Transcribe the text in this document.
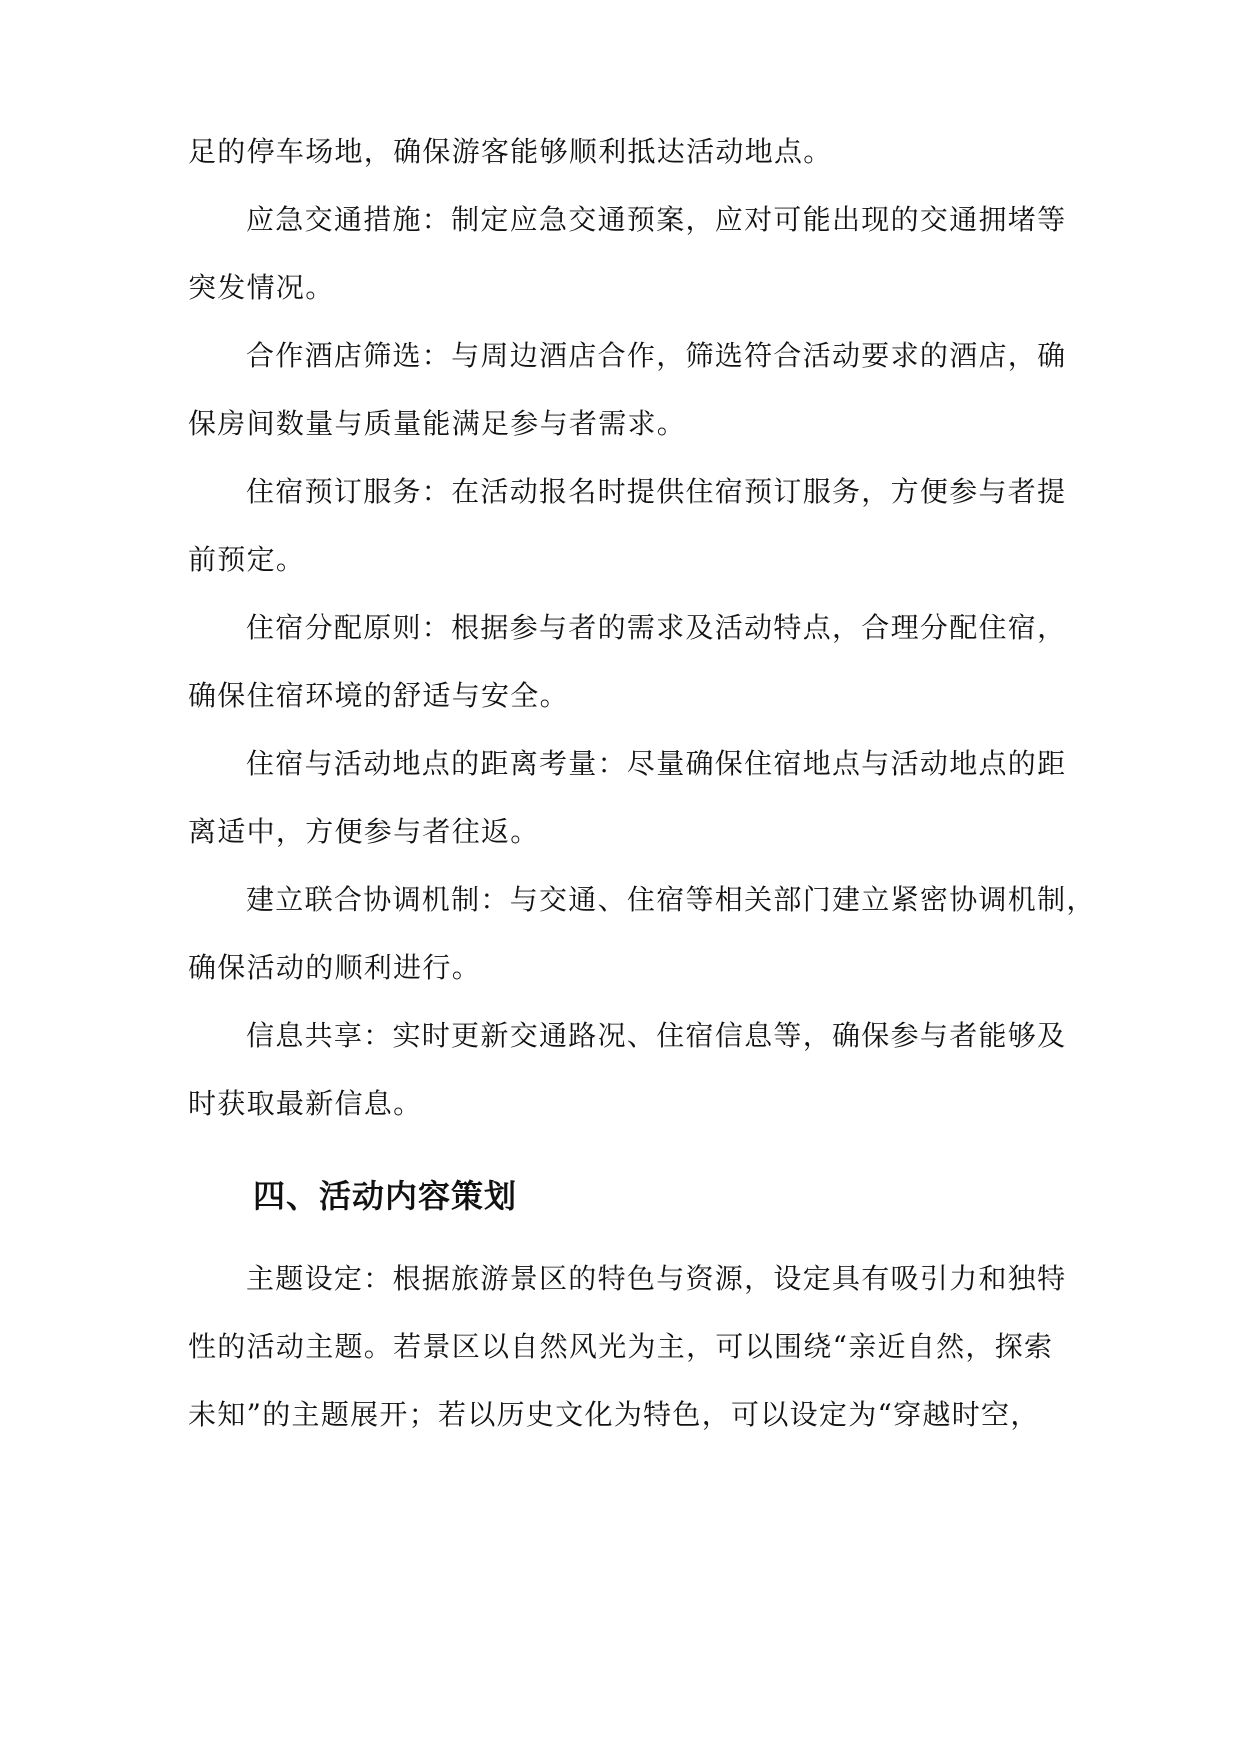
足的停车场地，确保游客能够顺利抵达活动地点。
应急交通措施：制定应急交通预案，应对可能出现的交通拥堵等
突发情况。
合作酒店筛选：与周边酒店合作，筛选符合活动要求的酒店，确
保房间数量与质量能满足参与者需求。
住宿预订服务：在活动报名时提供住宿预订服务，方便参与者提
前预定。
住宿分配原则：根据参与者的需求及活动特点，合理分配住宿，
确保住宿环境的舒适与安全。
住宿与活动地点的距离考量：尽量确保住宿地点与活动地点的距
离适中，方便参与者往返。
建立联合协调机制：与交通、住宿等相关部门建立紧密协调机制，
确保活动的顺利进行。
信息共享：实时更新交通路况、住宿信息等，确保参与者能够及
时获取最新信息。
四、活动内容策划
主题设定：根据旅游景区的特色与资源，设定具有吸引力和独特
性的活动主题。若景区以自然风光为主，可以围绕“亲近自然，探索
未知”的主题展开；若以历史文化为特色，可以设定为“穿越时空，
